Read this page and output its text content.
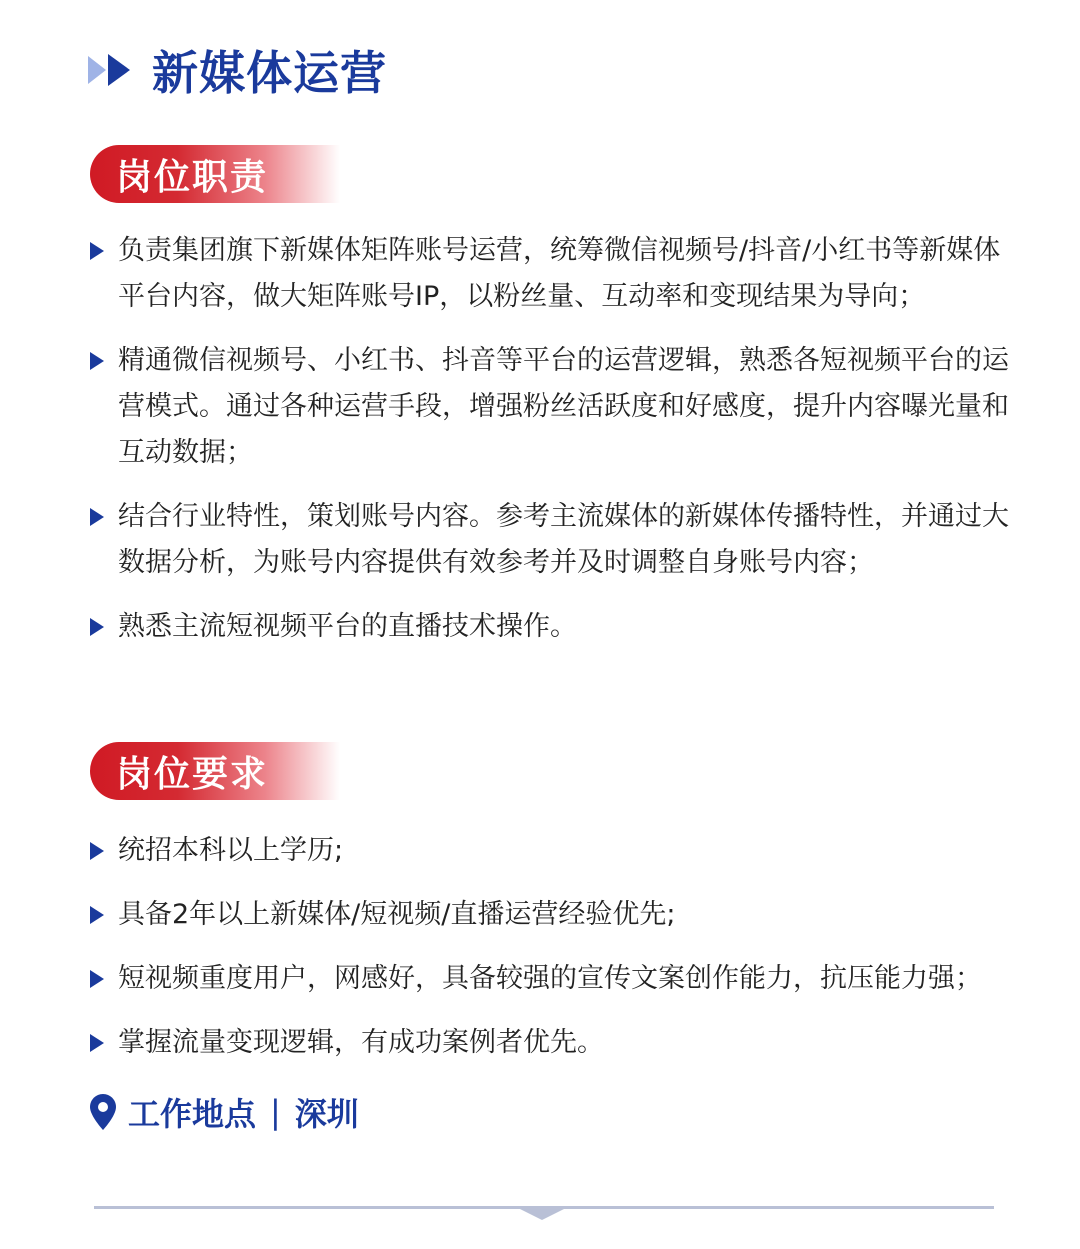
新媒体运营
岗位职责
负责集团旗下新媒体矩阵账号运营，统筹微信视频号/抖音/小红书等新媒体平台内容，做大矩阵账号IP，以粉丝量、互动率和变现结果为导向；
精通微信视频号、小红书、抖音等平台的运营逻辑，熟悉各短视频平台的运营模式。通过各种运营手段，增强粉丝活跃度和好感度，提升内容曝光量和互动数据；
结合行业特性，策划账号内容。参考主流媒体的新媒体传播特性，并通过大数据分析，为账号内容提供有效参考并及时调整自身账号内容；
熟悉主流短视频平台的直播技术操作。
岗位要求
统招本科以上学历;
具备2年以上新媒体/短视频/直播运营经验优先;
短视频重度用户，网感好，具备较强的宣传文案创作能力，抗压能力强；
掌握流量变现逻辑，有成功案例者优先。
工作地点 | 深圳
